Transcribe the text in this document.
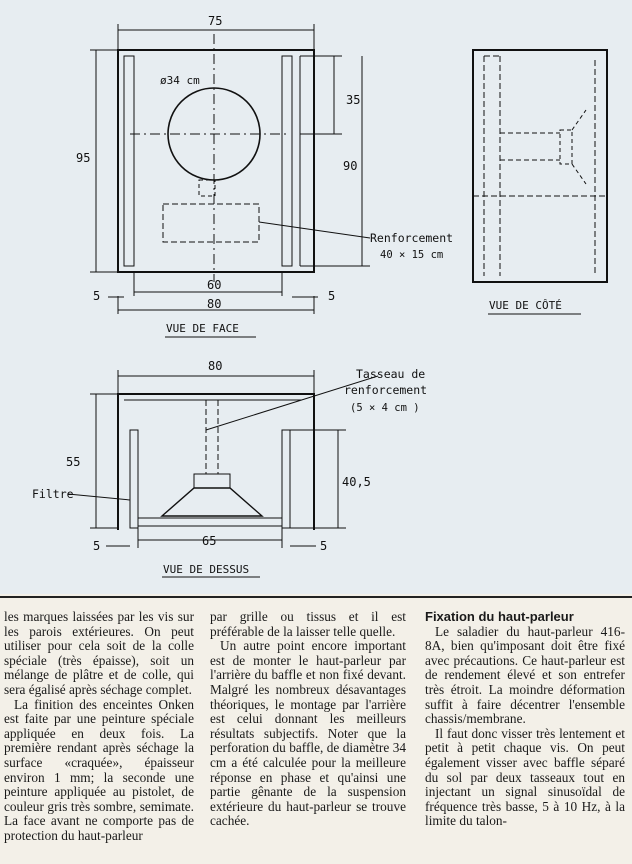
75
ø34 cm
95
35
90
Renforcement
40 × 15 cm
60
5	5
80
VUE DE FACE
VUE DE CÔTÉ
80
Tasseau de
renforcement
(5 × 4 cm )
55
40,5
Filtre
5	65	5
VUE DE DESSUS

les marques laissées par les vis sur les parois extérieures. On peut utiliser pour cela soit de la colle spéciale (très épaisse), soit un mélange de plâtre et de colle, qui sera égalisé après séchage complet.

La finition des enceintes Onken est faite par une peinture spéciale appliquée en deux fois. La première rendant après séchage la surface «craquée», épaisseur environ 1 mm; la seconde une peinture appliquée au pistolet, de couleur gris très sombre, semimate. La face avant ne comporte pas de protection du haut-parleur

par grille ou tissus et il est préférable de la laisser telle quelle.

Un autre point encore important est de monter le haut-parleur par l'arrière du baffle et non fixé devant. Malgré les nombreux désavantages théoriques, le montage par l'arrière est celui donnant les meilleurs résultats subjectifs. Noter que la perforation du baffle, de diamètre 34 cm a été calculée pour la meilleure réponse en phase et qu'ainsi une partie gênante de la suspension extérieure du haut-parleur se trouve cachée.

Fixation du haut-parleur

Le saladier du haut-parleur 416-8A, bien qu'imposant doit être fixé avec précautions. Ce haut-parleur est de rendement élevé et son entrefer très étroit. La moindre déformation suffit à faire décentrer l'ensemble chassis/membrane.

Il faut donc visser très lentement et petit à petit chaque vis. On peut également visser avec baffle séparé du sol par deux tasseaux tout en injectant un signal sinusoïdal de fréquence très basse, 5 à 10 Hz, à la limite du talon-
